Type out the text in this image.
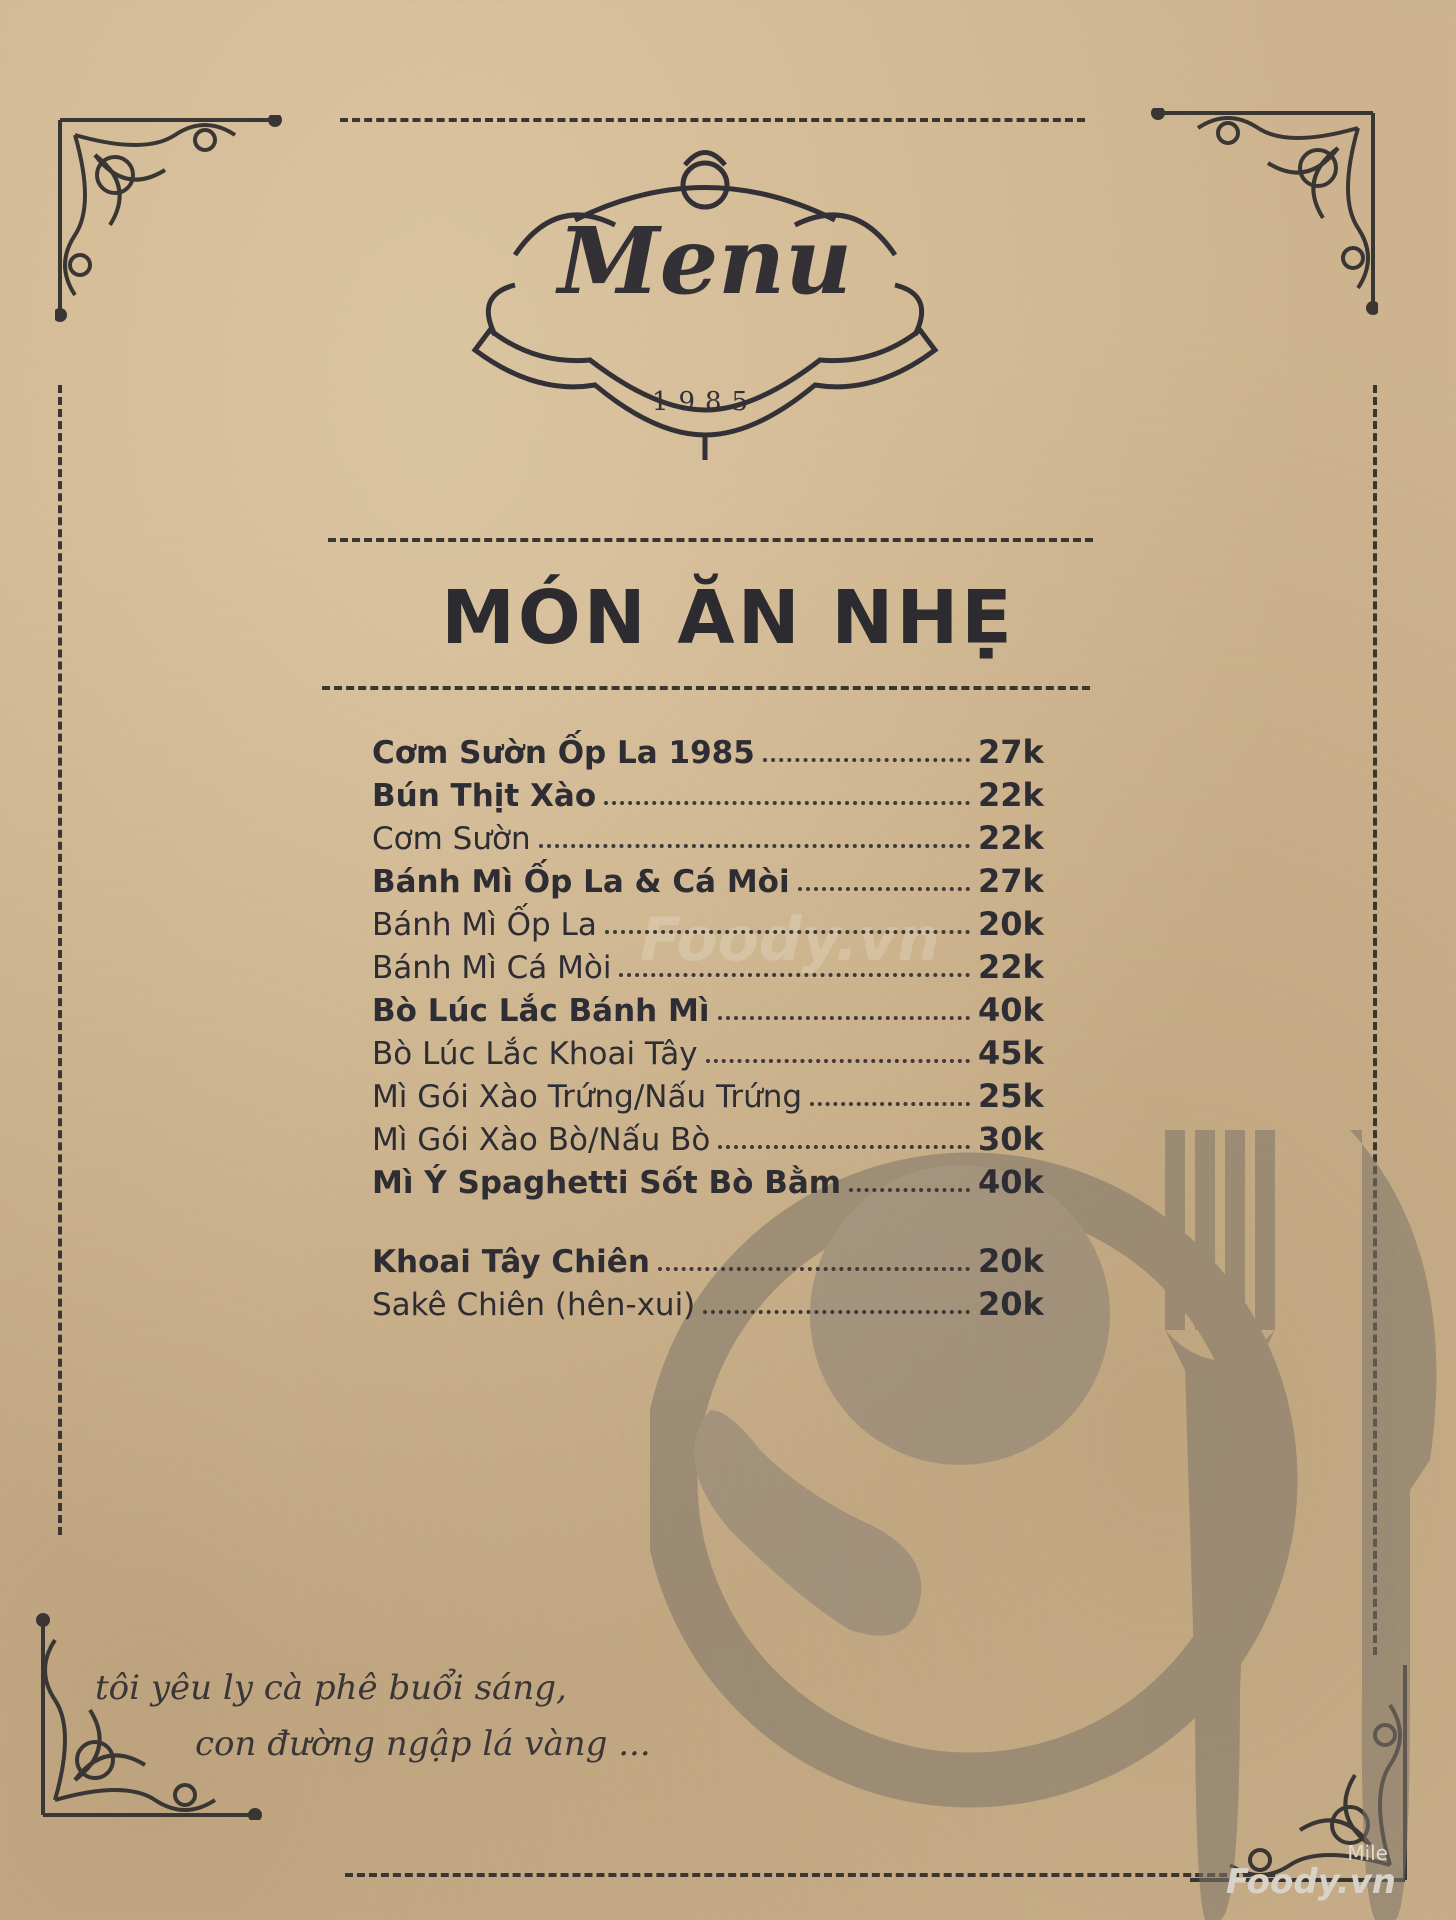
Menu
1985
MÓN ĂN NHẸ
Foody.vn
Cơm Sườn Ốp La 1985	27k
Bún Thịt Xào	22k
Cơm Sườn	22k
Bánh Mì Ốp La & Cá Mòi	27k
Bánh Mì Ốp La	20k
Bánh Mì Cá Mòi	22k
Bò Lúc Lắc Bánh Mì	40k
Bò Lúc Lắc Khoai Tây	45k
Mì Gói Xào Trứng/Nấu Trứng	25k
Mì Gói Xào Bò/Nấu Bò	30k
Mì Ý Spaghetti Sốt Bò Bằm	40k
Khoai Tây Chiên	20k
Sakê Chiên (hên-xui)	20k
tôi yêu ly cà phê buổi sáng,
con đường ngập lá vàng ...
Mile
Foody.vn
